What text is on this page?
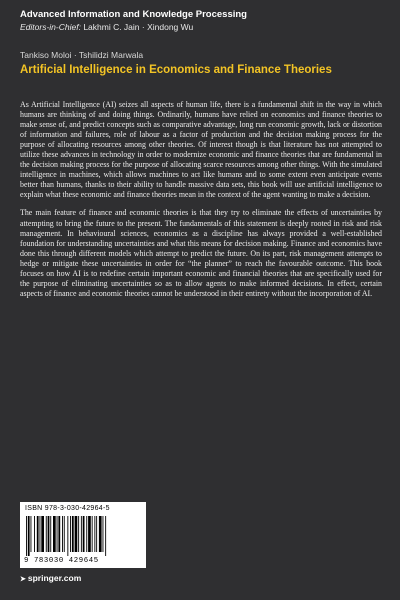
Advanced Information and Knowledge Processing
Editors-in-Chief: Lakhmi C. Jain · Xindong Wu
Tankiso Moloi · Tshilidzi Marwala
Artificial Intelligence in Economics and Finance Theories

As Artificial Intelligence (AI) seizes all aspects of human life, there is a fundamental shift in the way in which humans are thinking of and doing things. Ordinarily, humans have relied on economics and finance theories to make sense of, and predict concepts such as comparative advantage, long run economic growth, lack or distortion of information and failures, role of labour as a factor of production and the decision making process for the purpose of allocating resources among other theories. Of interest though is that literature has not attempted to utilize these advances in technology in order to modernize economic and finance theories that are fundamental in the decision making process for the purpose of allocating scarce resources among other things. With the simulated intelligence in machines, which allows machines to act like humans and to some extent even anticipate events better than humans, thanks to their ability to handle massive data sets, this book will use artificial intelligence to explain what these economic and finance theories mean in the context of the agent wanting to make a decision.

The main feature of finance and economic theories is that they try to eliminate the effects of uncertainties by attempting to bring the future to the present. The fundamentals of this statement is deeply rooted in risk and risk management. In behavioural sciences, economics as a discipline has always provided a well-established foundation for understanding uncertainties and what this means for decision making. Finance and economics have done this through different models which attempt to predict the future. On its part, risk management attempts to hedge or mitigate these uncertainties in order for “the planner” to reach the favourable outcome. This book focuses on how AI is to redefine certain important economic and financial theories that are specifically used for the purpose of eliminating uncertainties so as to allow agents to make informed decisions. In effect, certain aspects of finance and economic theories cannot be understood in their entirety without the incorporation of AI.

ISBN 978-3-030-42964-5
9 783030 429645
➤ springer.com
